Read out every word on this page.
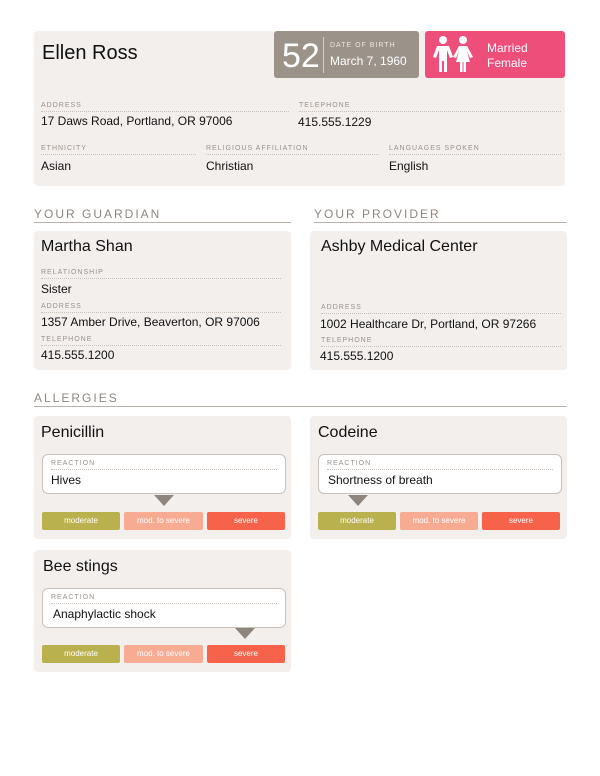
Ellen Ross
ADDRESS
17 Daws Road, Portland, OR 97006
TELEPHONE
415.555.1229
ETHNICITY
Asian
RELIGIOUS AFFILIATION
Christian
LANGUAGES SPOKEN
English
52 DATE OF BIRTH
March 7, 1960
Married
Female
YOUR GUARDIAN
Martha Shan
RELATIONSHIP
Sister
ADDRESS
1357 Amber Drive, Beaverton, OR 97006
TELEPHONE
415.555.1200
YOUR PROVIDER
Ashby Medical Center
ADDRESS
1002 Healthcare Dr, Portland, OR 97266
TELEPHONE
415.555.1200
ALLERGIES
Penicillin
REACTION
Hives
moderate	mod. to severe	severe
Codeine
REACTION
Shortness of breath
moderate	mod. to severe	severe
Bee stings
REACTION
Anaphylactic shock
moderate	mod. to severe	severe
